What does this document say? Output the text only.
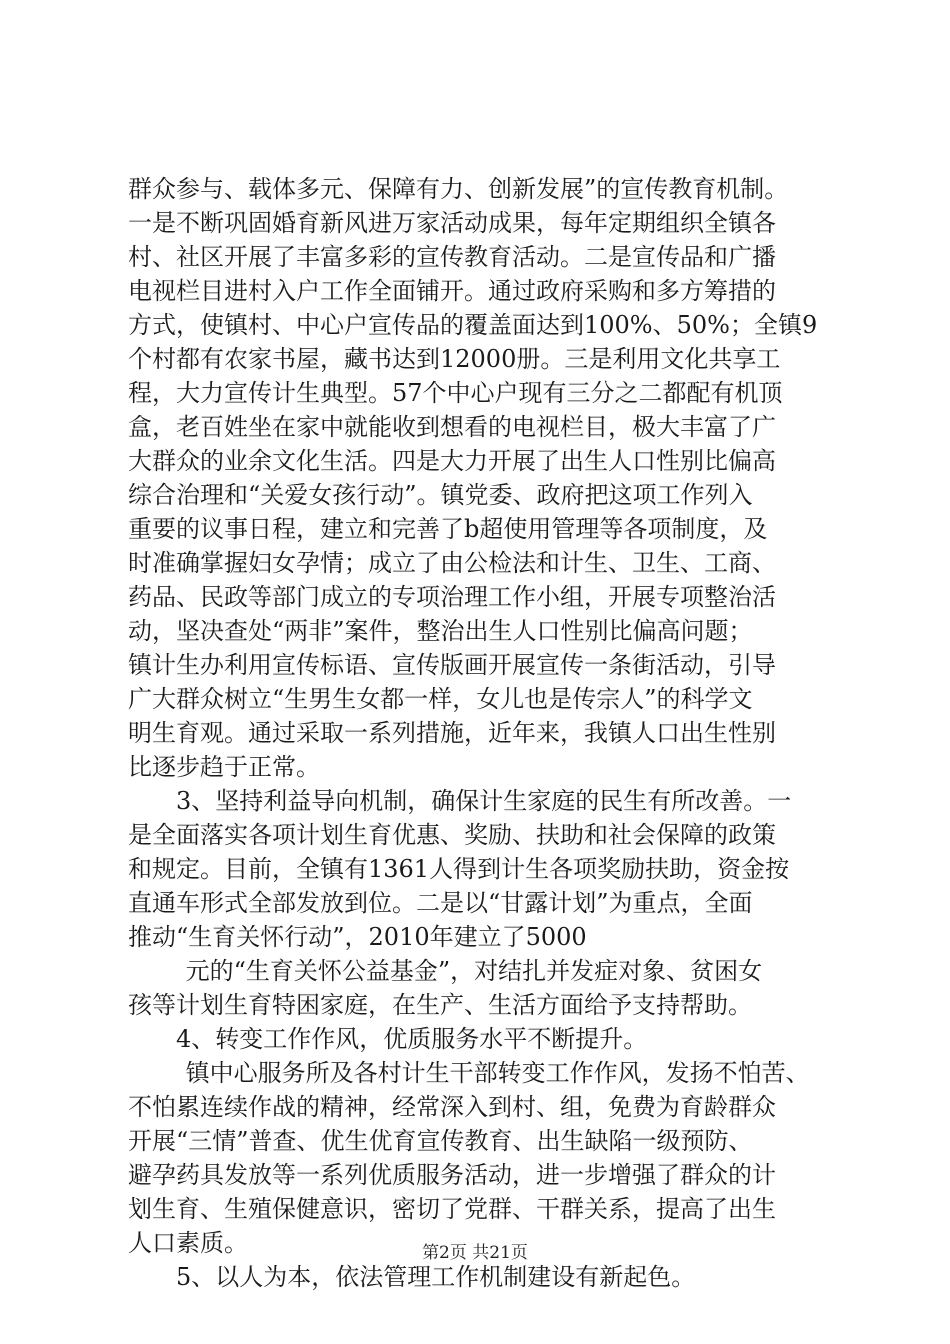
群众参与、载体多元、保障有力、创新发展”的宣传教育机制。
一是不断巩固婚育新风进万家活动成果，每年定期组织全镇各
村、社区开展了丰富多彩的宣传教育活动。二是宣传品和广播
电视栏目进村入户工作全面铺开。通过政府采购和多方筹措的
方式，使镇村、中心户宣传品的覆盖面达到100%、50%；全镇9
个村都有农家书屋，藏书达到12000册。三是利用文化共享工
程，大力宣传计生典型。57个中心户现有三分之二都配有机顶
盒，老百姓坐在家中就能收到想看的电视栏目，极大丰富了广
大群众的业余文化生活。四是大力开展了出生人口性别比偏高
综合治理和“关爱女孩行动”。镇党委、政府把这项工作列入
重要的议事日程，建立和完善了b超使用管理等各项制度，及
时准确掌握妇女孕情；成立了由公检法和计生、卫生、工商、
药品、民政等部门成立的专项治理工作小组，开展专项整治活
动，坚决查处“两非”案件，整治出生人口性别比偏高问题；
镇计生办利用宣传标语、宣传版画开展宣传一条街活动，引导
广大群众树立“生男生女都一样，女儿也是传宗人”的科学文
明生育观。通过采取一系列措施，近年来，我镇人口出生性别
比逐步趋于正常。
3、坚持利益导向机制，确保计生家庭的民生有所改善。一
是全面落实各项计划生育优惠、奖励、扶助和社会保障的政策
和规定。目前，全镇有1361人得到计生各项奖励扶助，资金按
直通车形式全部发放到位。二是以“甘露计划”为重点，全面
推动“生育关怀行动”，2010年建立了5000
元的“生育关怀公益基金”，对结扎并发症对象、贫困女
孩等计划生育特困家庭，在生产、生活方面给予支持帮助。
4、转变工作作风，优质服务水平不断提升。
镇中心服务所及各村计生干部转变工作作风，发扬不怕苦、
不怕累连续作战的精神，经常深入到村、组，免费为育龄群众
开展“三情”普查、优生优育宣传教育、出生缺陷一级预防、
避孕药具发放等一系列优质服务活动，进一步增强了群众的计
划生育、生殖保健意识，密切了党群、干群关系，提高了出生
人口素质。
5、以人为本，依法管理工作机制建设有新起色。
第2页 共21页
